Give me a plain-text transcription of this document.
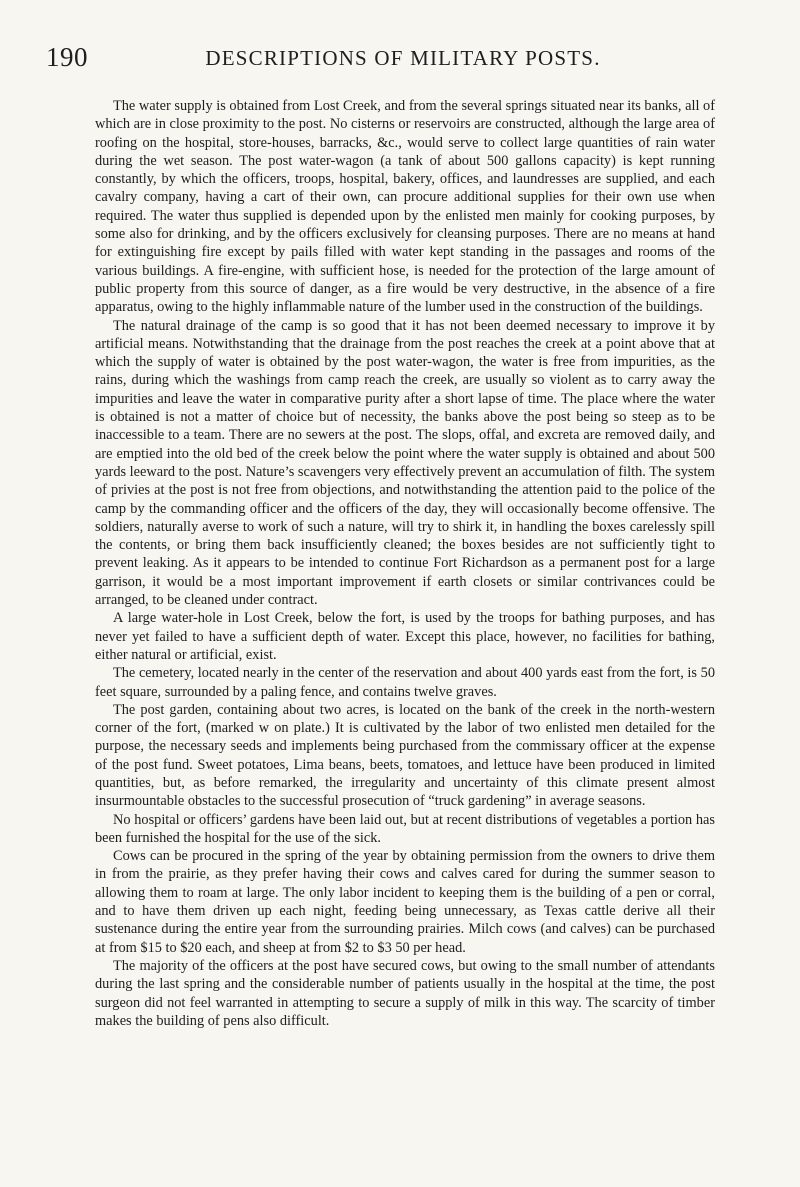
190	DESCRIPTIONS OF MILITARY POSTS.

The water supply is obtained from Lost Creek, and from the several springs situated near its banks, all of which are in close proximity to the post. No cisterns or reservoirs are constructed, although the large area of roofing on the hospital, store-houses, barracks, &c., would serve to collect large quantities of rain water during the wet season. The post water-wagon (a tank of about 500 gallons capacity) is kept running constantly, by which the officers, troops, hospital, bakery, offices, and laundresses are supplied, and each cavalry company, having a cart of their own, can procure additional supplies for their own use when required. The water thus supplied is depended upon by the enlisted men mainly for cooking purposes, by some also for drinking, and by the officers exclusively for cleansing purposes. There are no means at hand for extinguishing fire except by pails filled with water kept standing in the passages and rooms of the various buildings. A fire-engine, with sufficient hose, is needed for the protection of the large amount of public property from this source of danger, as a fire would be very destructive, in the absence of a fire apparatus, owing to the highly inflammable nature of the lumber used in the construction of the buildings.

The natural drainage of the camp is so good that it has not been deemed necessary to improve it by artificial means. Notwithstanding that the drainage from the post reaches the creek at a point above that at which the supply of water is obtained by the post water-wagon, the water is free from impurities, as the rains, during which the washings from camp reach the creek, are usually so violent as to carry away the impurities and leave the water in comparative purity after a short lapse of time. The place where the water is obtained is not a matter of choice but of necessity, the banks above the post being so steep as to be inaccessible to a team. There are no sewers at the post. The slops, offal, and excreta are removed daily, and are emptied into the old bed of the creek below the point where the water supply is obtained and about 500 yards leeward to the post. Nature’s scavengers very effectively prevent an accumulation of filth. The system of privies at the post is not free from objections, and notwithstanding the attention paid to the police of the camp by the commanding officer and the officers of the day, they will occasionally become offensive. The soldiers, naturally averse to work of such a nature, will try to shirk it, in handling the boxes carelessly spill the contents, or bring them back insufficiently cleaned; the boxes besides are not sufficiently tight to prevent leaking. As it appears to be intended to continue Fort Richardson as a permanent post for a large garrison, it would be a most important improvement if earth closets or similar contrivances could be arranged, to be cleaned under contract.

A large water-hole in Lost Creek, below the fort, is used by the troops for bathing purposes, and has never yet failed to have a sufficient depth of water. Except this place, however, no facilities for bathing, either natural or artificial, exist.

The cemetery, located nearly in the center of the reservation and about 400 yards east from the fort, is 50 feet square, surrounded by a paling fence, and contains twelve graves.

The post garden, containing about two acres, is located on the bank of the creek in the north-western corner of the fort, (marked w on plate.) It is cultivated by the labor of two enlisted men detailed for the purpose, the necessary seeds and implements being purchased from the commissary officer at the expense of the post fund. Sweet potatoes, Lima beans, beets, tomatoes, and lettuce have been produced in limited quantities, but, as before remarked, the irregularity and uncertainty of this climate present almost insurmountable obstacles to the successful prosecution of “truck gardening” in average seasons.

No hospital or officers’ gardens have been laid out, but at recent distributions of vegetables a portion has been furnished the hospital for the use of the sick.

Cows can be procured in the spring of the year by obtaining permission from the owners to drive them in from the prairie, as they prefer having their cows and calves cared for during the summer season to allowing them to roam at large. The only labor incident to keeping them is the building of a pen or corral, and to have them driven up each night, feeding being unnecessary, as Texas cattle derive all their sustenance during the entire year from the surrounding prairies. Milch cows (and calves) can be purchased at from $15 to $20 each, and sheep at from $2 to $3 50 per head.

The majority of the officers at the post have secured cows, but owing to the small number of attendants during the last spring and the considerable number of patients usually in the hospital at the time, the post surgeon did not feel warranted in attempting to secure a supply of milk in this way. The scarcity of timber makes the building of pens also difficult.
